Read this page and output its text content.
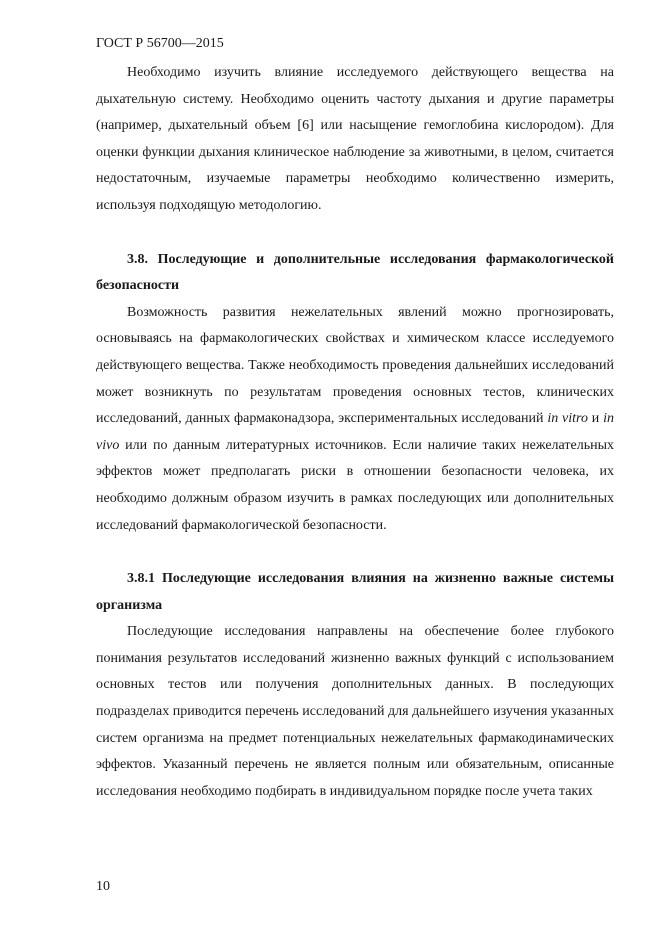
ГОСТ Р 56700—2015

Необходимо изучить влияние исследуемого действующего вещества на дыхательную систему. Необходимо оценить частоту дыхания и другие параметры (например, дыхательный объем [6] или насыщение гемоглобина кислородом). Для оценки функции дыхания клиническое наблюдение за животными, в целом, считается недостаточным, изучаемые параметры необходимо количественно измерить, используя подходящую методологию.

3.8. Последующие и дополнительные исследования фармакологической безопасности

Возможность развития нежелательных явлений можно прогнозировать, основываясь на фармакологических свойствах и химическом классе исследуемого действующего вещества. Также необходимость проведения дальнейших исследований может возникнуть по результатам проведения основных тестов, клинических исследований, данных фармаконадзора, экспериментальных исследований in vitro и in vivo или по данным литературных источников. Если наличие таких нежелательных эффектов может предполагать риски в отношении безопасности человека, их необходимо должным образом изучить в рамках последующих или дополнительных исследований фармакологической безопасности.

3.8.1 Последующие исследования влияния на жизненно важные системы организма

Последующие исследования направлены на обеспечение более глубокого понимания результатов исследований жизненно важных функций с использованием основных тестов или получения дополнительных данных. В последующих подразделах приводится перечень исследований для дальнейшего изучения указанных систем организма на предмет потенциальных нежелательных фармакодинамических эффектов. Указанный перечень не является полным или обязательным, описанные исследования необходимо подбирать в индивидуальном порядке после учета таких

10
